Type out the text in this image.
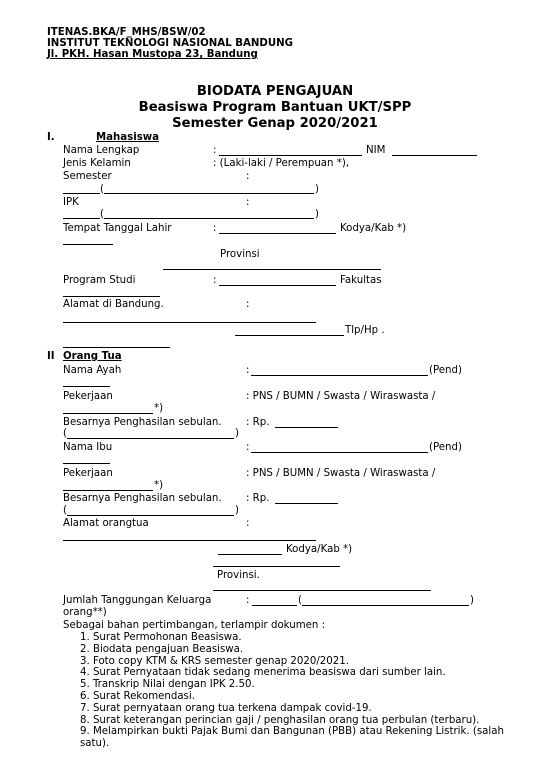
ITENAS.BKA/F_MHS/BSW/02
INSTITUT TEKNOLOGI NASIONAL BANDUNG
Jl. PKH. Hasan Mustopa 23, Bandung
BIODATA PENGAJUAN
Beasiswa Program Bantuan UKT/SPP
Semester Genap 2020/2021
I.	Mahasiswa
Nama Lengkap	:	NIM
Jenis Kelamin	: (Laki-laki / Perempuan *),
Semester	:
(	)
IPK	:
(	)
Tempat Tanggal Lahir	:	Kodya/Kab *)
Provinsi
Program Studi	:	Fakultas
Alamat di Bandung.	:
Tlp/Hp .
II Orang Tua
Nama Ayah	:	(Pend)
Pekerjaan	: PNS / BUMN / Swasta / Wiraswasta /
*)
Besarnya Penghasilan sebulan. : Rp.
(	)
Nama Ibu	:	(Pend)
Pekerjaan	: PNS / BUMN / Swasta / Wiraswasta /
*)
Besarnya Penghasilan sebulan. : Rp.
(	)
Alamat orangtua	:
Kodya/Kab *)
Provinsi.
Jumlah Tanggungan Keluarga	:	(	)
orang**)
Sebagai bahan pertimbangan, terlampir dokumen :
1. Surat Permohonan Beasiswa.
2. Biodata pengajuan Beasiswa.
3. Foto copy KTM & KRS semester genap 2020/2021.
4. Surat Pernyataan tidak sedang menerima beasiswa dari sumber lain.
5. Transkrip Nilai dengan IPK 2.50.
6. Surat Rekomendasi.
7. Surat pernyataan orang tua terkena dampak covid-19.
8. Surat keterangan perincian gaji / penghasilan orang tua perbulan (terbaru).
9. Melampirkan bukti Pajak Bumi dan Bangunan (PBB) atau Rekening Listrik. (salah
satu).
